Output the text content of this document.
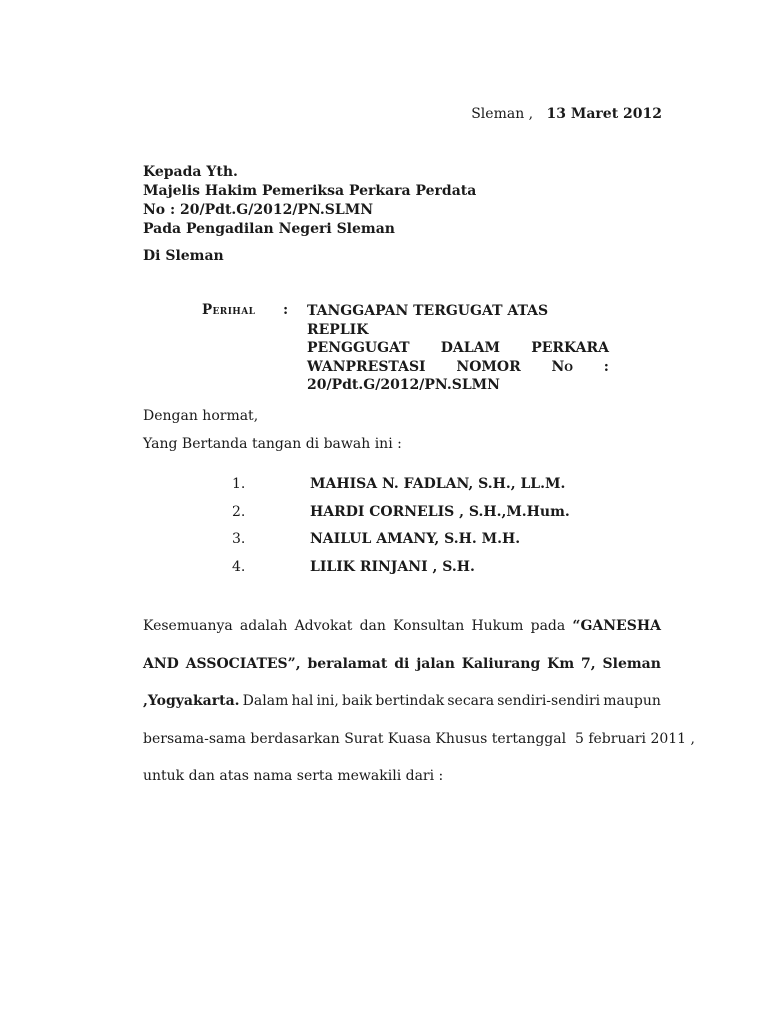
Sleman , 13 Maret 2012
Kepada Yth.
Majelis Hakim Pemeriksa Perkara Perdata
No : 20/Pdt.G/2012/PN.SLMN
Pada Pengadilan Negeri Sleman
Di Sleman
Perihal : TANGGAPAN TERGUGAT ATAS REPLIK
PENGGUGAT DALAM PERKARA
WANPRESTASI NOMOR No :
20/Pdt.G/2012/PN.SLMN
Dengan hormat,
Yang Bertanda tangan di bawah ini :
1.	MAHISA N. FADLAN, S.H., LL.M.
2.	HARDI CORNELIS , S.H.,M.Hum.
3.	NAILUL AMANY, S.H. M.H.
4.	LILIK RINJANI , S.H.
Kesemuanya adalah Advokat dan Konsultan Hukum pada “GANESHA
AND ASSOCIATES”, beralamat di jalan Kaliurang Km 7, Sleman
,Yogyakarta. Dalam hal ini, baik bertindak secara sendiri-sendiri maupun
bersama-sama berdasarkan Surat Kuasa Khusus tertanggal  5 februari 2011 ,
untuk dan atas nama serta mewakili dari :
